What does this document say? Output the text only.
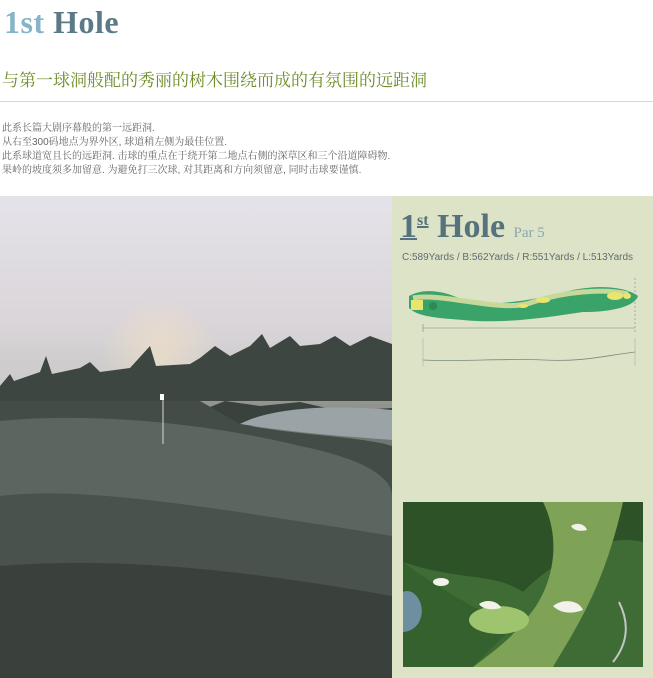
1st Hole
与第一球洞般配的秀丽的树木围绕而成的有氛围的远距洞
此系长篇大剧序幕般的第一远距洞.
从右至300码地点为界外区, 球道稍左侧为最佳位置.
此系球道宽且长的远距洞. 击球的重点在于绕开第二地点右侧的深草区和三个沿道障碍物.
果岭的坡度须多加留意. 为避免打三次球, 对其距离和方向须留意, 同时击球要谨慎.
1st Hole Par 5
C:589Yards / B:562Yards / R:551Yards / L:513Yards
